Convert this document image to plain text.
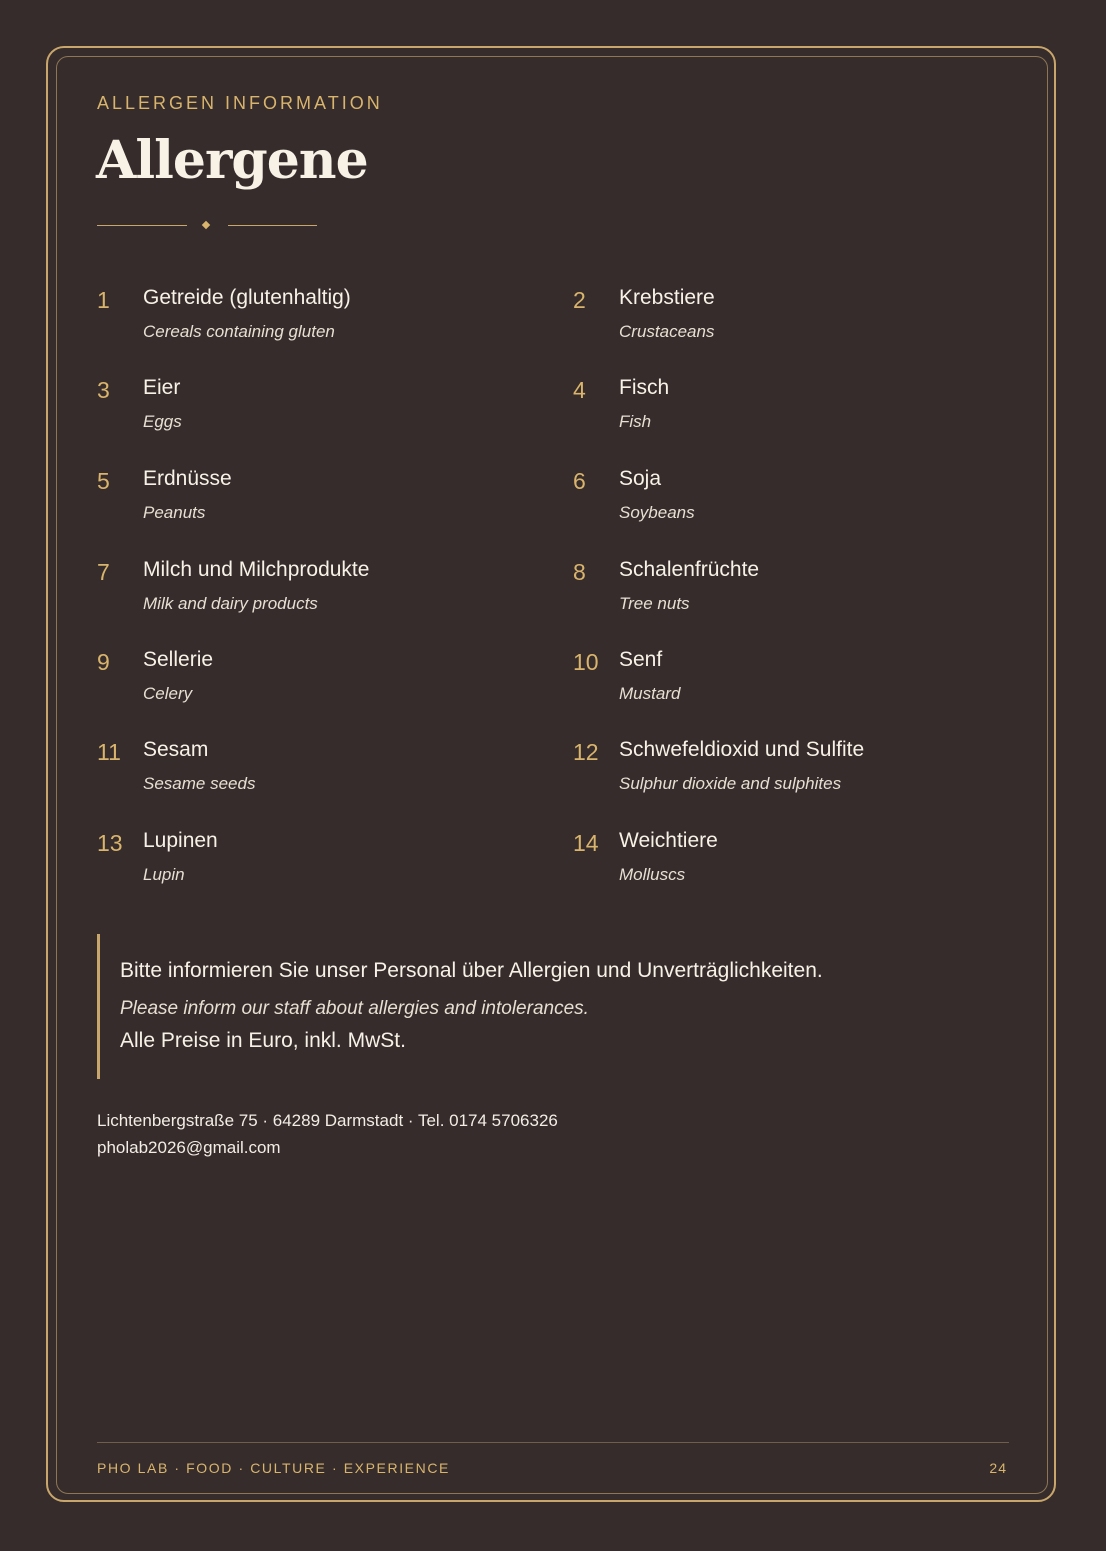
ALLERGEN INFORMATION
Allergene
1 Getreide (glutenhaltig)
Cereals containing gluten
2 Krebstiere
Crustaceans
3 Eier
Eggs
4 Fisch
Fish
5 Erdnüsse
Peanuts
6 Soja
Soybeans
7 Milch und Milchprodukte
Milk and dairy products
8 Schalenfrüchte
Tree nuts
9 Sellerie
Celery
10 Senf
Mustard
11 Sesam
Sesame seeds
12 Schwefeldioxid und Sulfite
Sulphur dioxide and sulphites
13 Lupinen
Lupin
14 Weichtiere
Molluscs
Bitte informieren Sie unser Personal über Allergien und Unverträglichkeiten.
Please inform our staff about allergies and intolerances.
Alle Preise in Euro, inkl. MwSt.
Lichtenbergstraße 75 · 64289 Darmstadt · Tel. 0174 5706326
pholab2026@gmail.com
PHO LAB · FOOD · CULTURE · EXPERIENCE	24
